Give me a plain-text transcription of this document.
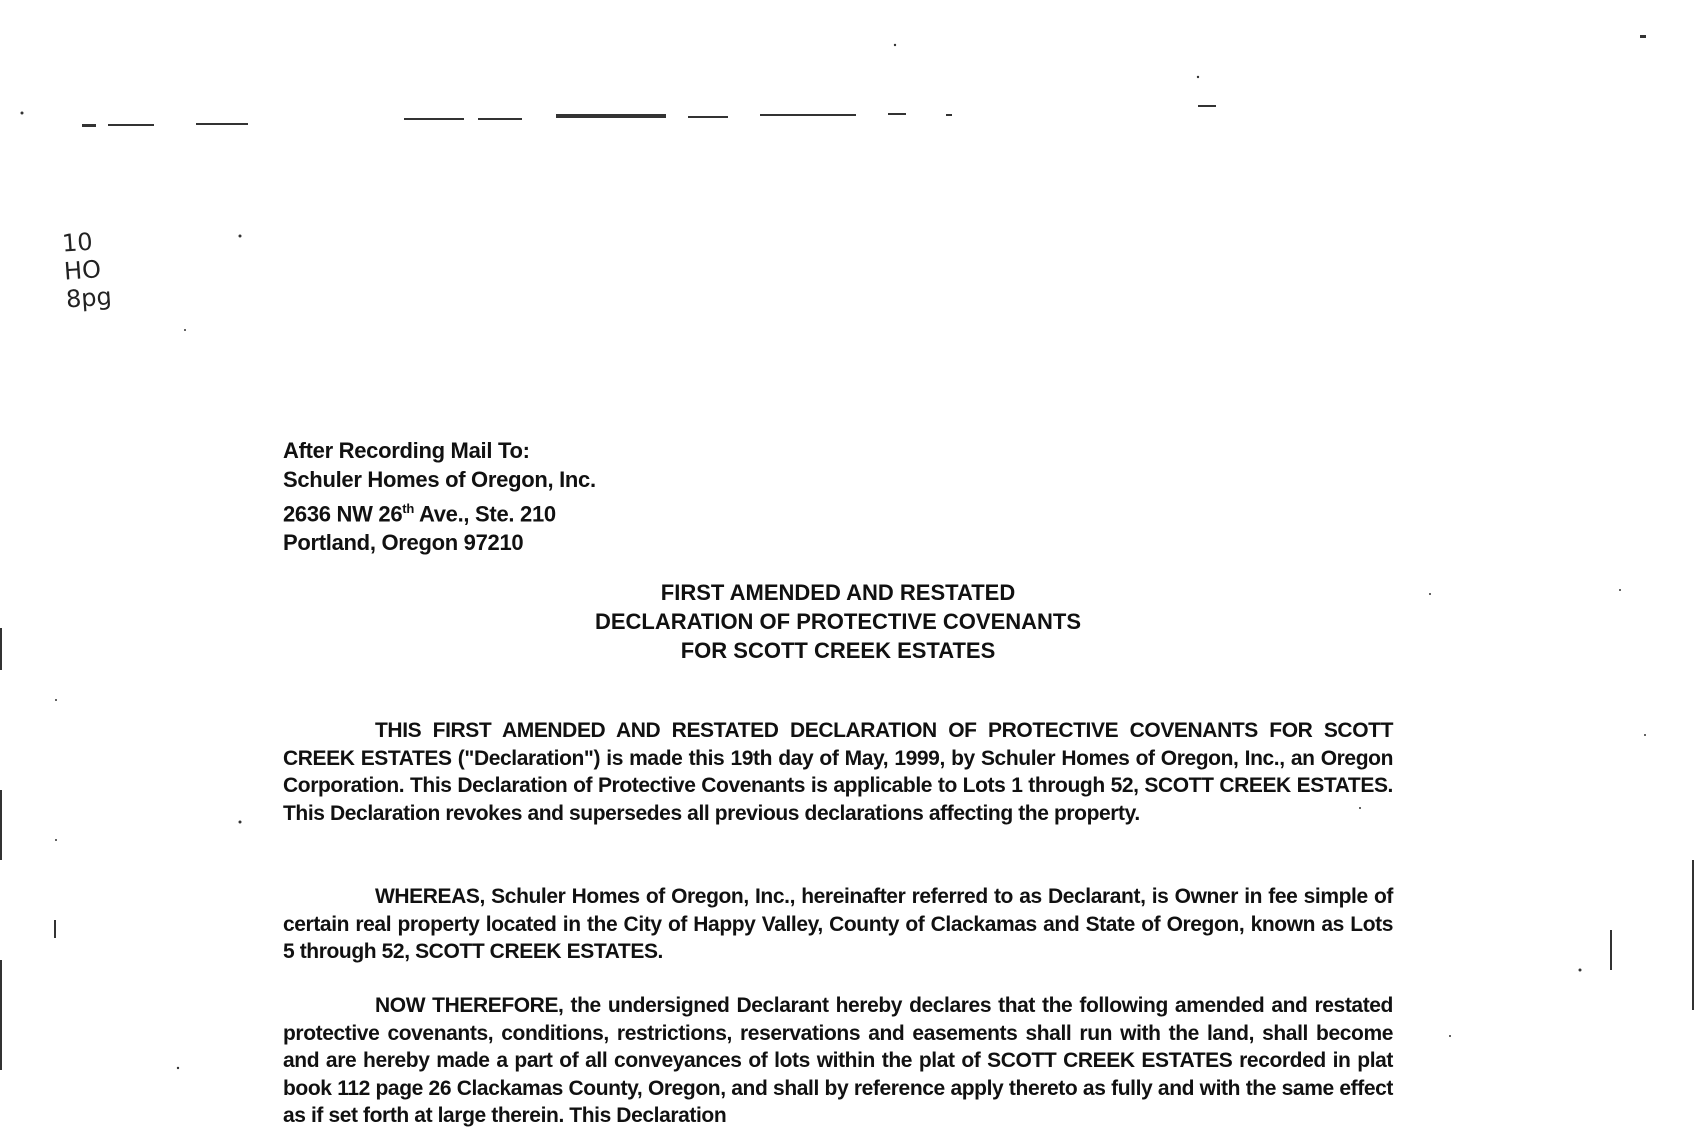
10
HO
8pg
After Recording Mail To:
Schuler Homes of Oregon, Inc.
2636 NW 26th Ave., Ste. 210
Portland, Oregon 97210
FIRST AMENDED AND RESTATED
DECLARATION OF PROTECTIVE COVENANTS
FOR SCOTT CREEK ESTATES
THIS FIRST AMENDED AND RESTATED DECLARATION OF PROTECTIVE COVENANTS FOR SCOTT CREEK ESTATES ("Declaration") is made this 19th day of May, 1999, by Schuler Homes of Oregon, Inc., an Oregon Corporation. This Declaration of Protective Covenants is applicable to Lots 1 through 52, SCOTT CREEK ESTATES. This Declaration revokes and supersedes all previous declarations affecting the property.
WHEREAS, Schuler Homes of Oregon, Inc., hereinafter referred to as Declarant, is Owner in fee simple of certain real property located in the City of Happy Valley, County of Clackamas and State of Oregon, known as Lots 5 through 52, SCOTT CREEK ESTATES.
NOW THEREFORE, the undersigned Declarant hereby declares that the following amended and restated protective covenants, conditions, restrictions, reservations and easements shall run with the land, shall become and are hereby made a part of all conveyances of lots within the plat of SCOTT CREEK ESTATES recorded in plat book 112 page 26 Clackamas County, Oregon, and shall by reference apply thereto as fully and with the same effect as if set forth at large therein. This Declaration
